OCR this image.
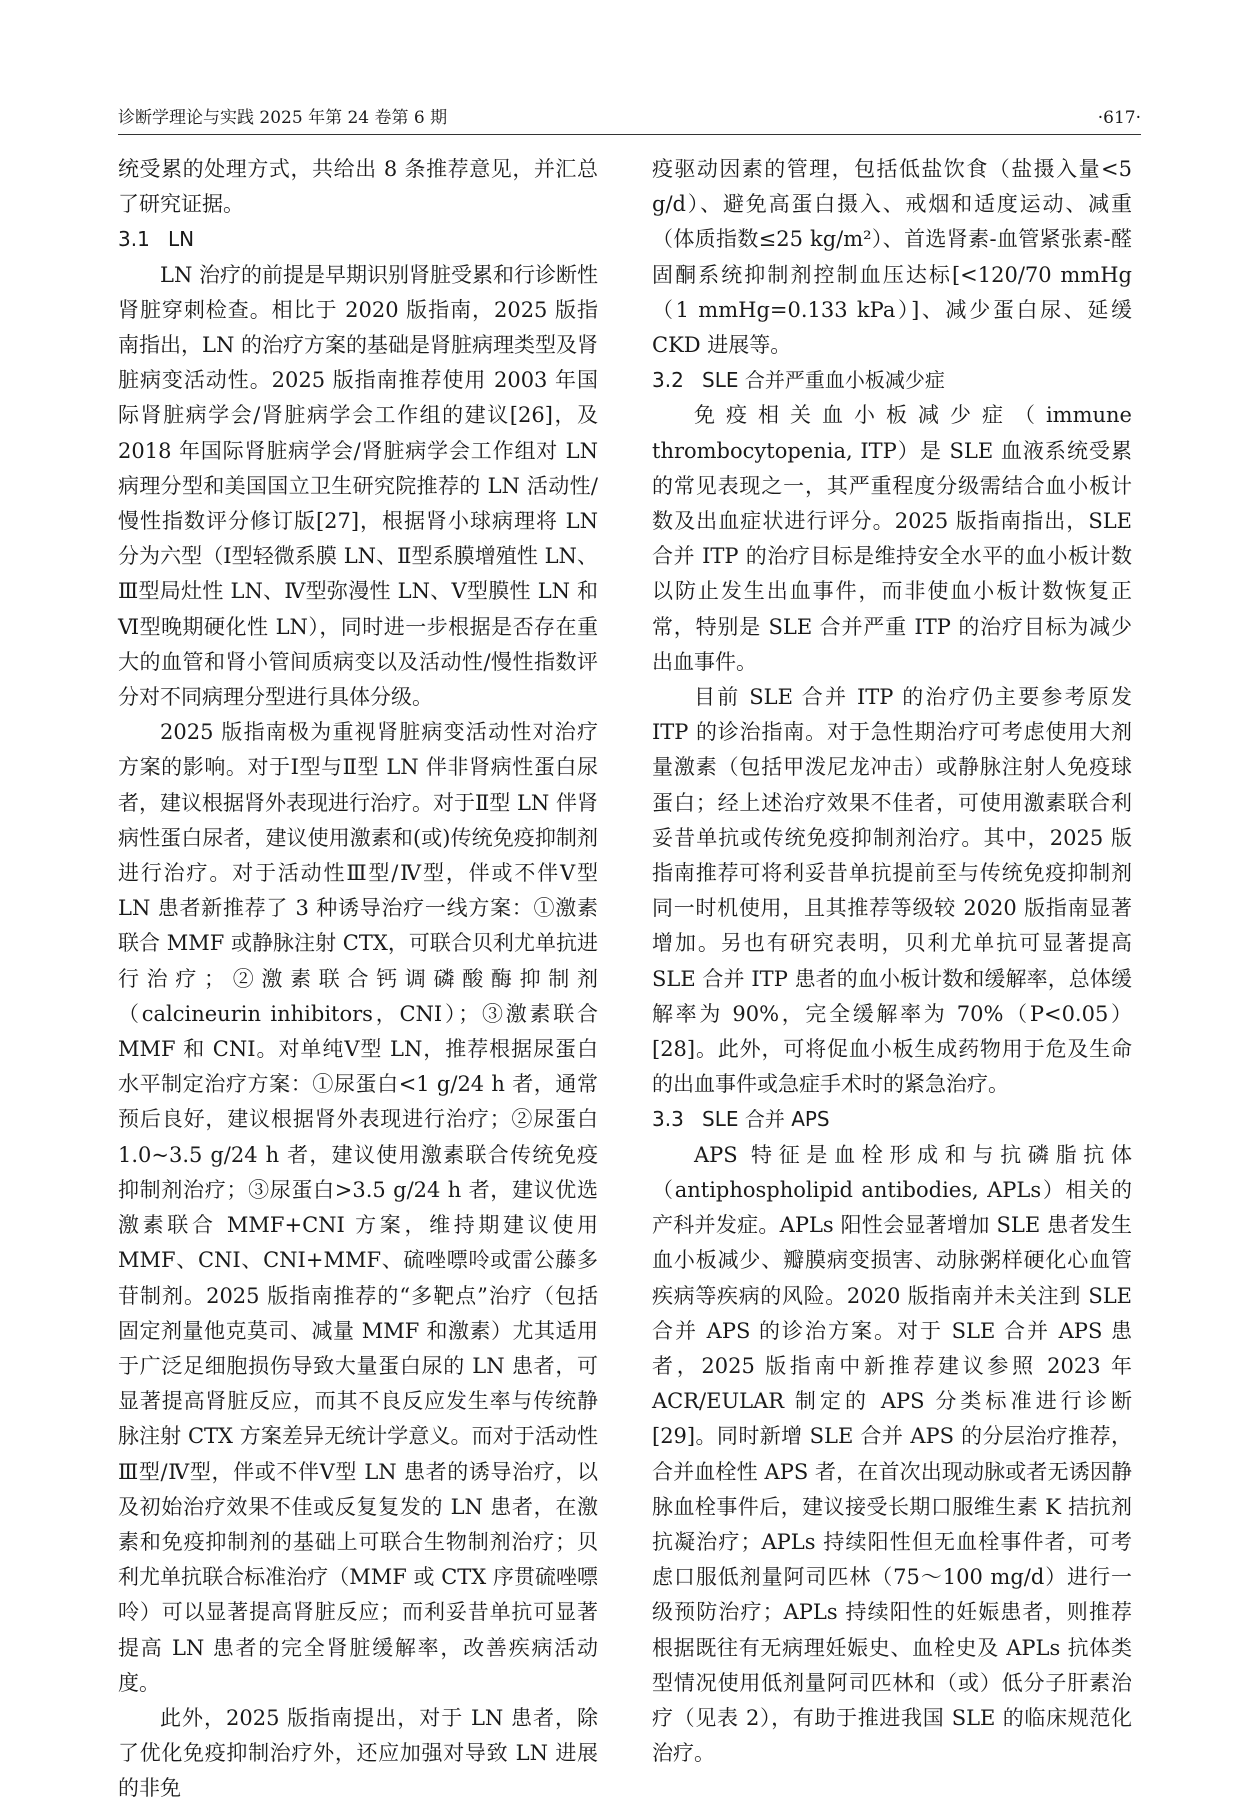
诊断学理论与实践 2025 年第 24 卷第 6 期	·617·

统受累的处理方式，共给出 8 条推荐意见，并汇总了研究证据。

3.1 LN

LN 治疗的前提是早期识别肾脏受累和行诊断性肾脏穿刺检查。相比于 2020 版指南，2025 版指南指出，LN 的治疗方案的基础是肾脏病理类型及肾脏病变活动性。2025 版指南推荐使用 2003 年国际肾脏病学会/肾脏病学会工作组的建议[26]，及 2018 年国际肾脏病学会/肾脏病学会工作组对 LN 病理分型和美国国立卫生研究院推荐的 LN 活动性/慢性指数评分修订版[27]，根据肾小球病理将 LN 分为六型（Ⅰ型轻微系膜 LN、Ⅱ型系膜增殖性 LN、Ⅲ型局灶性 LN、Ⅳ型弥漫性 LN、Ⅴ型膜性 LN 和Ⅵ型晚期硬化性 LN），同时进一步根据是否存在重大的血管和肾小管间质病变以及活动性/慢性指数评分对不同病理分型进行具体分级。

2025 版指南极为重视肾脏病变活动性对治疗方案的影响。对于Ⅰ型与Ⅱ型 LN 伴非肾病性蛋白尿者，建议根据肾外表现进行治疗。对于Ⅱ型 LN 伴肾病性蛋白尿者，建议使用激素和(或)传统免疫抑制剂进行治疗。对于活动性Ⅲ型/Ⅳ型，伴或不伴Ⅴ型 LN 患者新推荐了 3 种诱导治疗一线方案：①激素联合 MMF 或静脉注射 CTX，可联合贝利尤单抗进行治疗；②激素联合钙调磷酸酶抑制剂（calcineurin inhibitors，CNI）；③激素联合 MMF 和 CNI。对单纯Ⅴ型 LN，推荐根据尿蛋白水平制定治疗方案：①尿蛋白<1 g/24 h 者，通常预后良好，建议根据肾外表现进行治疗；②尿蛋白 1.0~3.5 g/24 h 者，建议使用激素联合传统免疫抑制剂治疗；③尿蛋白>3.5 g/24 h 者，建议优选激素联合 MMF+CNI 方案，维持期建议使用 MMF、CNI、CNI+MMF、硫唑嘌呤或雷公藤多苷制剂。2025 版指南推荐的“多靶点”治疗（包括固定剂量他克莫司、减量 MMF 和激素）尤其适用于广泛足细胞损伤导致大量蛋白尿的 LN 患者，可显著提高肾脏反应，而其不良反应发生率与传统静脉注射 CTX 方案差异无统计学意义。而对于活动性Ⅲ型/Ⅳ型，伴或不伴Ⅴ型 LN 患者的诱导治疗，以及初始治疗效果不佳或反复复发的 LN 患者，在激素和免疫抑制剂的基础上可联合生物制剂治疗；贝利尤单抗联合标准治疗（MMF 或 CTX 序贯硫唑嘌呤）可以显著提高肾脏反应；而利妥昔单抗可显著提高 LN 患者的完全肾脏缓解率，改善疾病活动度。

此外，2025 版指南提出，对于 LN 患者，除了优化免疫抑制治疗外，还应加强对导致 LN 进展的非免

疫驱动因素的管理，包括低盐饮食（盐摄入量<5 g/d）、避免高蛋白摄入、戒烟和适度运动、减重（体质指数≤25 kg/m²）、首选肾素-血管紧张素-醛固酮系统抑制剂控制血压达标[<120/70 mmHg（1 mmHg=0.133 kPa）]、减少蛋白尿、延缓 CKD 进展等。

3.2 SLE 合并严重血小板减少症

免疫相关血小板减少症（immune thrombocytopenia, ITP）是 SLE 血液系统受累的常见表现之一，其严重程度分级需结合血小板计数及出血症状进行评分。2025 版指南指出，SLE 合并 ITP 的治疗目标是维持安全水平的血小板计数以防止发生出血事件，而非使血小板计数恢复正常，特别是 SLE 合并严重 ITP 的治疗目标为减少出血事件。

目前 SLE 合并 ITP 的治疗仍主要参考原发 ITP 的诊治指南。对于急性期治疗可考虑使用大剂量激素（包括甲泼尼龙冲击）或静脉注射人免疫球蛋白；经上述治疗效果不佳者，可使用激素联合利妥昔单抗或传统免疫抑制剂治疗。其中，2025 版指南推荐可将利妥昔单抗提前至与传统免疫抑制剂同一时机使用，且其推荐等级较 2020 版指南显著增加。另也有研究表明，贝利尤单抗可显著提高 SLE 合并 ITP 患者的血小板计数和缓解率，总体缓解率为 90%，完全缓解率为 70%（P<0.05）[28]。此外，可将促血小板生成药物用于危及生命的出血事件或急症手术时的紧急治疗。

3.3 SLE 合并 APS

APS 特征是血栓形成和与抗磷脂抗体（antiphospholipid antibodies, APLs）相关的产科并发症。APLs 阳性会显著增加 SLE 患者发生血小板减少、瓣膜病变损害、动脉粥样硬化心血管疾病等疾病的风险。2020 版指南并未关注到 SLE 合并 APS 的诊治方案。对于 SLE 合并 APS 患者，2025 版指南中新推荐建议参照 2023 年 ACR/EULAR 制定的 APS 分类标准进行诊断[29]。同时新增 SLE 合并 APS 的分层治疗推荐，合并血栓性 APS 者，在首次出现动脉或者无诱因静脉血栓事件后，建议接受长期口服维生素 K 拮抗剂抗凝治疗；APLs 持续阳性但无血栓事件者，可考虑口服低剂量阿司匹林（75～100 mg/d）进行一级预防治疗；APLs 持续阳性的妊娠患者，则推荐根据既往有无病理妊娠史、血栓史及 APLs 抗体类型情况使用低剂量阿司匹林和（或）低分子肝素治疗（见表 2），有助于推进我国 SLE 的临床规范化治疗。
